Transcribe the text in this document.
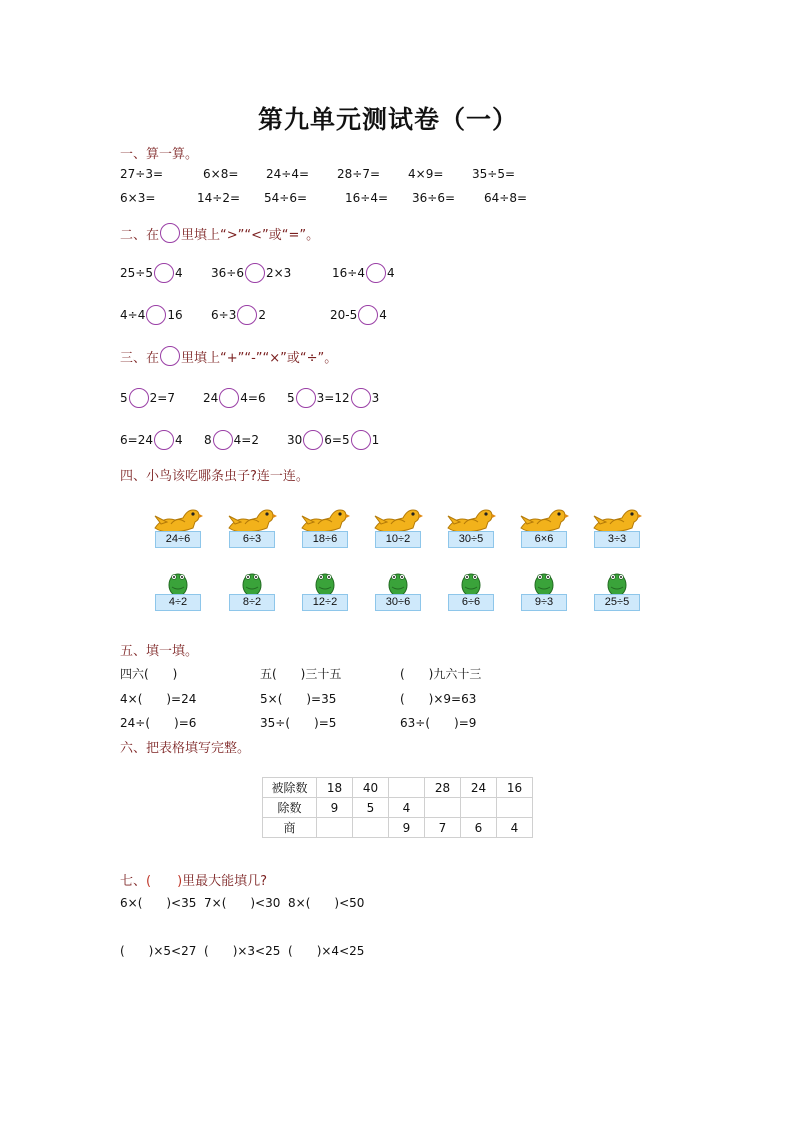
第九单元测试卷（一）
一、算一算。
27÷3=	6×8= 24÷4= 28÷7= 4×9= 35÷5=
6×3=	14÷2= 54÷6=	16÷4= 36÷6= 64÷8=
二、在 里填上“>”“<”或“=”。
25÷5 4 36÷6 2×3	16÷4 4
4÷4 16 6÷3 2	20-5 4
三、在 里填上“+”“-”“×”或“÷”。
5 2=7 24 4=6 5 3=12 3
6=24 4 8 4=2 30 6=5 1
四、小鸟该吃哪条虫子?连一连。
24÷6	6÷3	18÷6	10÷2	30÷5	6×6	3÷3
4÷2	8÷2	12÷2	30÷6	6÷6	9÷3	25÷5
五、填一填。
四六(　　)	五(　　)三十五	(　　)九六十三
4×(　　)=24	5×(　　)=35	(　　)×9=63
24÷(　　)=6	35÷(　　)=5	63÷(　　)=9
六、把表格填写完整。
被除数	18	40		28	24	16
除数	9	5	4			
商			9	7	6	4
七、 (　　) 里最大能填几?
6×(　　)<35  7×(　　)<30  8×(　　)<50
(　　)×5<27  (　　)×3<25  (　　)×4<25
